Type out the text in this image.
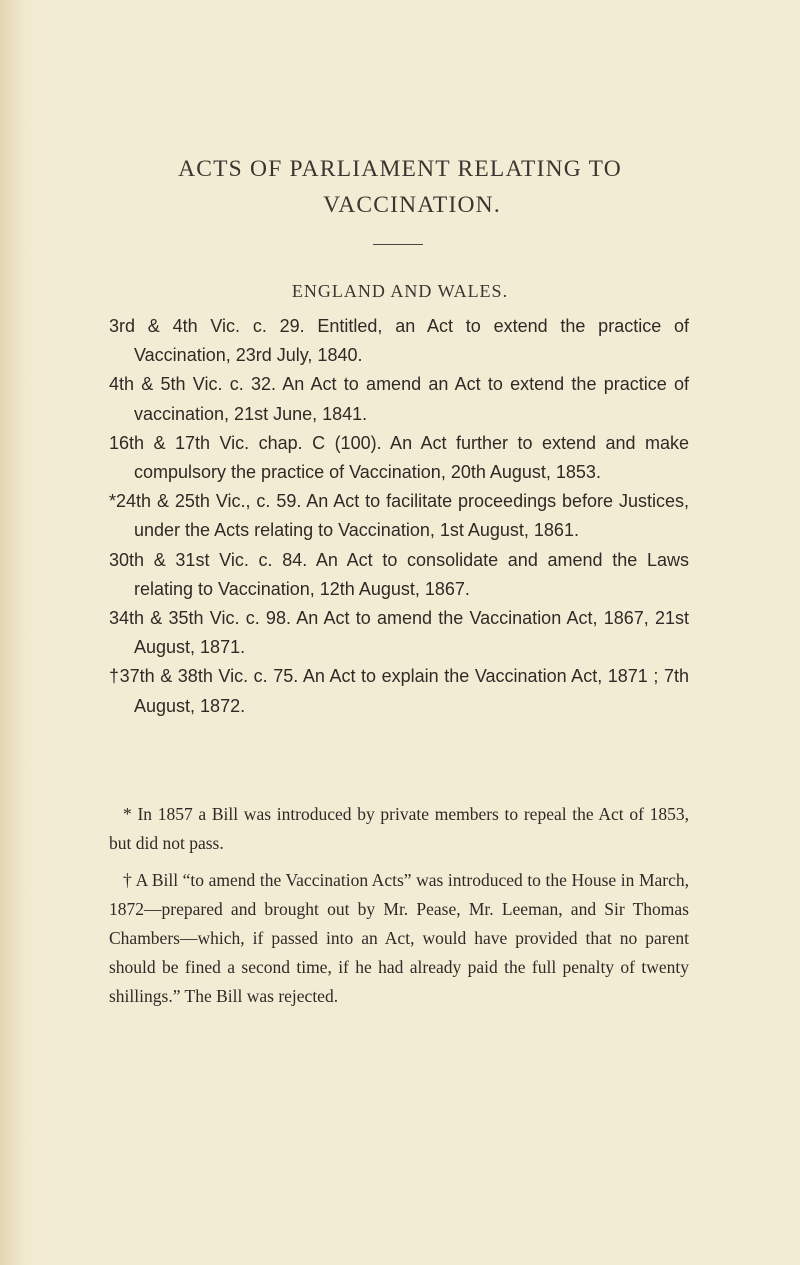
ACTS OF PARLIAMENT RELATING TO
VACCINATION.
ENGLAND AND WALES.

3rd & 4th Vic. c. 29. Entitled, an Act to extend the practice of Vaccination, 23rd July, 1840.

4th & 5th Vic. c. 32. An Act to amend an Act to extend the practice of vaccination, 21st June, 1841.

16th & 17th Vic. chap. C (100). An Act further to extend and make compulsory the practice of Vaccination, 20th August, 1853.

*24th & 25th Vic., c. 59. An Act to facilitate proceedings before Justices, under the Acts relating to Vaccination, 1st August, 1861.

30th & 31st Vic. c. 84. An Act to consolidate and amend the Laws relating to Vaccination, 12th August, 1867.

34th & 35th Vic. c. 98. An Act to amend the Vaccination Act, 1867, 21st August, 1871.

†37th & 38th Vic. c. 75. An Act to explain the Vaccination Act, 1871 ; 7th August, 1872.

* In 1857 a Bill was introduced by private members to repeal the Act of 1853, but did not pass.

† A Bill “to amend the Vaccination Acts” was introduced to the House in March, 1872—prepared and brought out by Mr. Pease, Mr. Leeman, and Sir Thomas Chambers—which, if passed into an Act, would have provided that no parent should be fined a second time, if he had already paid the full penalty of twenty shillings.” The Bill was rejected.
